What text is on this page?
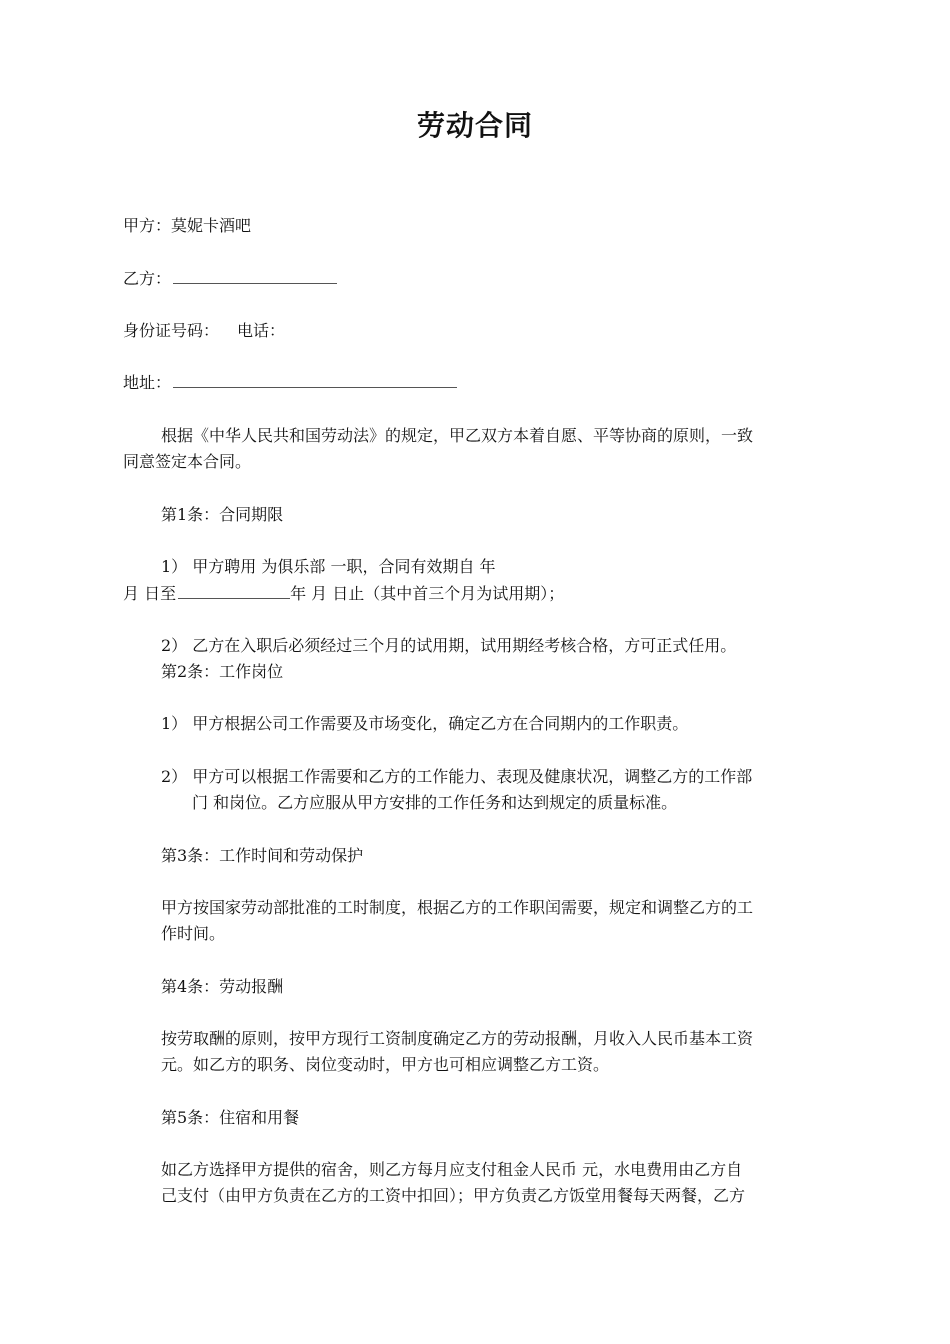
劳动合同
甲方：莫妮卡酒吧
乙方：
身份证号码： 电话：
地址：
根据《中华人民共和国劳动法》的规定，甲乙双方本着自愿、平等协商的原则，一致
同意签定本合同。
第1条：合同期限
1） 甲方聘用 为俱乐部 一职，合同有效期自 年
月 日至	年 月 日止（其中首三个月为试用期）；
2） 乙方在入职后必须经过三个月的试用期，试用期经考核合格，方可正式任用。
第2条：工作岗位
1） 甲方根据公司工作需要及市场变化，确定乙方在合同期内的工作职责。
2） 甲方可以根据工作需要和乙方的工作能力、表现及健康状况，调整乙方的工作部
门 和岗位。乙方应服从甲方安排的工作任务和达到规定的质量标准。
第3条：工作时间和劳动保护
甲方按国家劳动部批准的工时制度，根据乙方的工作职闰需要，规定和调整乙方的工
作时间。
第4条：劳动报酬
按劳取酬的原则，按甲方现行工资制度确定乙方的劳动报酬，月收入人民币基本工资
元。如乙方的职务、岗位变动时，甲方也可相应调整乙方工资。
第5条：住宿和用餐
如乙方选择甲方提供的宿舍，则乙方每月应支付租金人民币 元，水电费用由乙方自
己支付（由甲方负责在乙方的工资中扣回）；甲方负责乙方饭堂用餐每天两餐，乙方
